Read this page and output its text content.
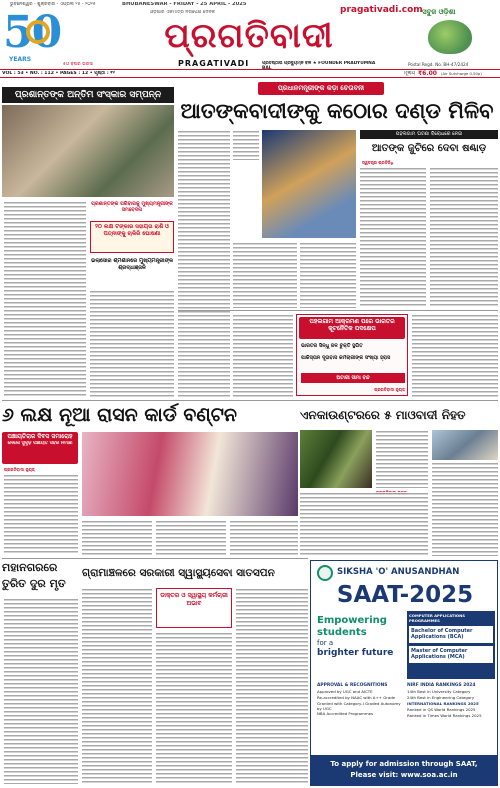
50
YEARS
ଭୁବନେଶ୍ୱର - ଶୁକ୍ରବାର - ଏପ୍ରିଲ ୨୫ - ୨୦୨୫	BHUBANESWAR - FRIDAY - 25 APRIL - 2025
ଓଡ଼ିଶାର ଏକମାତ୍ର ନିରପେକ୍ଷ ଦୈନିକ	pragativadi.com
ପ୍ରଗତିବାଦୀ
PRAGATIVADI	ପ୍ରତିଷ୍ଠାତା ପ୍ରଦ୍ୟୁମ୍ନ ବଳ ★ FOUNDER PRADYUMNA BAL
୫୦ ବର୍ଷର ଭରସା
ସବୁଜ ଓଡ଼ିଶା
Postal Regd. No. BH-47/2424
VOL : 53 • NO. : 112 • PAGES : 12 • ପୃଷ୍ଠା : ୧୨	ମୂଲ୍ୟ ₹6.00 (Air Surcharge 0.50p)
ପ୍ରଧାନମନ୍ତ୍ରୀଙ୍କ କଡ଼ା ଚେତାବନୀ
ଆତଙ୍କବାଦୀଙ୍କୁ କଠୋର ଦଣ୍ଡ ମିଳିବ
ପ୍ରଶାନ୍ତଙ୍କ ଅନ୍ତିମ ସଂସ୍କାର ସମ୍ପନ୍ନ
ପ୍ରଶାନ୍ତଙ୍କ ପରିବାରକୁ ମୁଖ୍ୟମନ୍ତ୍ରୀଙ୍କ ସମବେଦନା
୨୦ ଲକ୍ଷ ଟଙ୍କାର ସହାୟତା ରାଶି ଓ ପତ୍ନୀଙ୍କୁ ଚାକିରି ଘୋଷଣା
ଭଲାସୋର ଶ୍ମଶାନରେ ମୁଖ୍ୟମନ୍ତ୍ରୀଙ୍କ ଶ୍ରଦ୍ଧାଞ୍ଜଳି
ପହଲଗାମ ଘଟଣା ବିରୋଧରେ ନେଇ
ଆତଙ୍କ ଜୁଟିରେ ଦେବା ଷଣ୍ଢାଡ଼
ସ୍ୱତନ୍ତ୍ର ପ୍ରତିନିଧି
ପହଲଗାମ ଆକ୍ରମଣ ପରେ ଭାରତର କୂଟନୈତିକ ପଦକ୍ଷେପ
ଭାରତର ସିନ୍ଧୁ ଜଳ ଚୁକ୍ତି ସ୍ଥଗିତ
ପାକିସ୍ତାନ ଦୂତାବାସ କର୍ମଚାରୀଙ୍କ ସଂଖ୍ୟା ହ୍ରାସ
ଅଟାରୀ ସୀମା ବନ୍ଦ
ପ୍ରଗତିବାଦୀ ନ୍ୟୁଜ୍
୬ ଲକ୍ଷ ନୂଆ ରାସନ କାର୍ଡ ବଣ୍ଟନ	ଏନକାଉଣ୍ଟରରେ ୫ ମାଓବାଦୀ ନିହତ
ପଞ୍ଚାୟତିରାଜ ଦିବସ ସମାରୋହ
ନେଲେ ସୁଦୃଢ଼ ପଞ୍ଚାୟତ ସହର ନିର୍ମାଣ
ପ୍ରଗତିବାଦୀ ନ୍ୟୁଜ୍
ମହାନଗରରେ ତୁରିତ ଦୁର ମୃତ
ଗ୍ରାମାଞ୍ଚଳରେ ସରକାରୀ ସ୍ୱାସ୍ଥ୍ୟସେବା ସାତସପନ
ଡାକ୍ତର ଓ ସ୍ୱାସ୍ଥ୍ୟ କର୍ମଚାରୀ ଅଭାବ
SIKSHA 'O' ANUSANDHAN
SAAT-2025
Empowering
students
for a
brighter future
COMPUTER APPLICATIONS PROGRAMMES
Bachelor of Computer Applications (BCA)
Master of Computer Applications (MCA)
APPROVAL & RECOGNITIONS
Approved by UGC and AICTE
Re-accredited by NAAC with A++ Grade
Granted with Category-I Graded Autonomy by UGC
NBA Accredited Programmes
NIRF INDIA RANKINGS 2024
14th Best in University Category
24th Best in Engineering Category
INTERNATIONAL RANKINGS 2025
Ranked in QS World Rankings 2025
Ranked in Times World Rankings 2025
To apply for admission through SAAT,
Please visit: www.soa.ac.in
